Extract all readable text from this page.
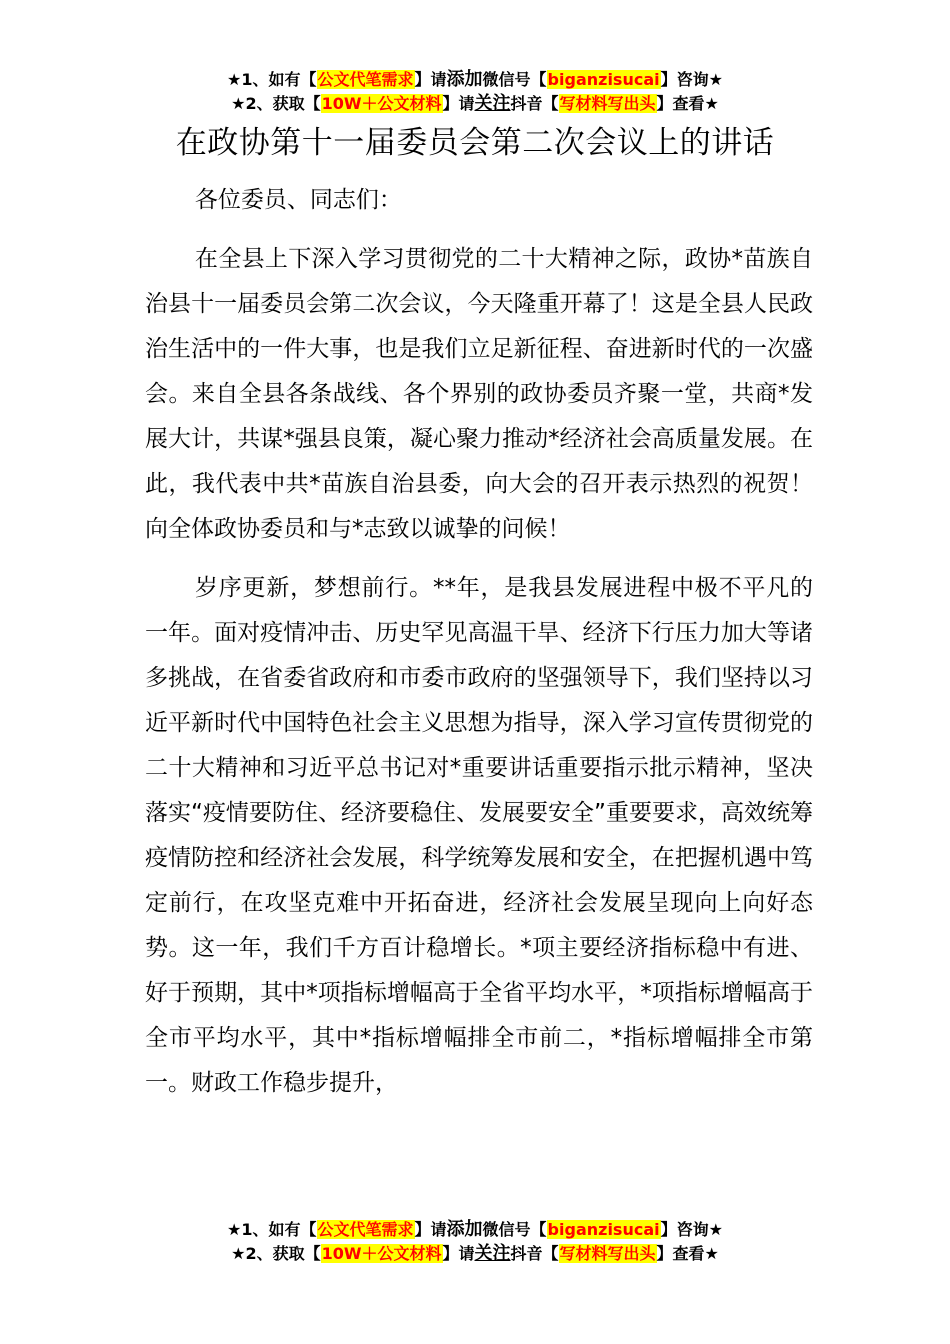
★1、如有【公文代笔需求】请添加微信号【biganzisucai】咨询★
★2、获取【10W＋公文材料】请关注抖音【写材料写出头】查看★
在政协第十一届委员会第二次会议上的讲话

各位委员、同志们：

在全县上下深入学习贯彻党的二十大精神之际，政协*苗族自治县十一届委员会第二次会议，今天隆重开幕了！这是全县人民政治生活中的一件大事，也是我们立足新征程、奋进新时代的一次盛会。来自全县各条战线、各个界别的政协委员齐聚一堂，共商*发展大计，共谋*强县良策，凝心聚力推动*经济社会高质量发展。在此，我代表中共*苗族自治县委，向大会的召开表示热烈的祝贺！向全体政协委员和与*志致以诚挚的问候！

岁序更新，梦想前行。**年，是我县发展进程中极不平凡的一年。面对疫情冲击、历史罕见高温干旱、经济下行压力加大等诸多挑战，在省委省政府和市委市政府的坚强领导下，我们坚持以习近平新时代中国特色社会主义思想为指导，深入学习宣传贯彻党的二十大精神和习近平总书记对*重要讲话重要指示批示精神，坚决落实“疫情要防住、经济要稳住、发展要安全”重要要求，高效统筹疫情防控和经济社会发展，科学统筹发展和安全，在把握机遇中笃定前行，在攻坚克难中开拓奋进，经济社会发展呈现向上向好态势。这一年，我们千方百计稳增长。*项主要经济指标稳中有进、好于预期，其中*项指标增幅高于全省平均水平，*项指标增幅高于全市平均水平，其中*指标增幅排全市前二，*指标增幅排全市第一。财政工作稳步提升，

★1、如有【公文代笔需求】请添加微信号【biganzisucai】咨询★
★2、获取【10W＋公文材料】请关注抖音【写材料写出头】查看★
